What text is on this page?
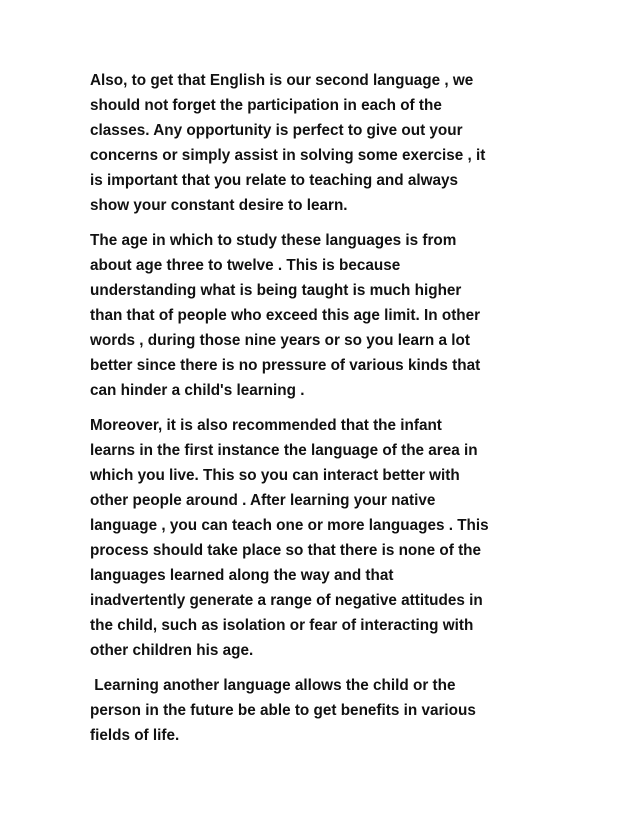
Also, to get that English is our second language , we
should not forget the participation in each of the
classes. Any opportunity is perfect to give out your
concerns or simply assist in solving some exercise , it
is important that you relate to teaching and always
show your constant desire to learn.

The age in which to study these languages is from
about age three to twelve . This is because
understanding what is being taught is much higher
than that of people who exceed this age limit. In other
words , during those nine years or so you learn a lot
better since there is no pressure of various kinds that
can hinder a child's learning .

Moreover, it is also recommended that the infant
learns in the first instance the language of the area in
which you live. This so you can interact better with
other people around . After learning your native
language , you can teach one or more languages . This
process should take place so that there is none of the
languages learned along the way and that
inadvertently generate a range of negative attitudes in
the child, such as isolation or fear of interacting with
other children his age.

Learning another language allows the child or the
person in the future be able to get benefits in various
fields of life.
